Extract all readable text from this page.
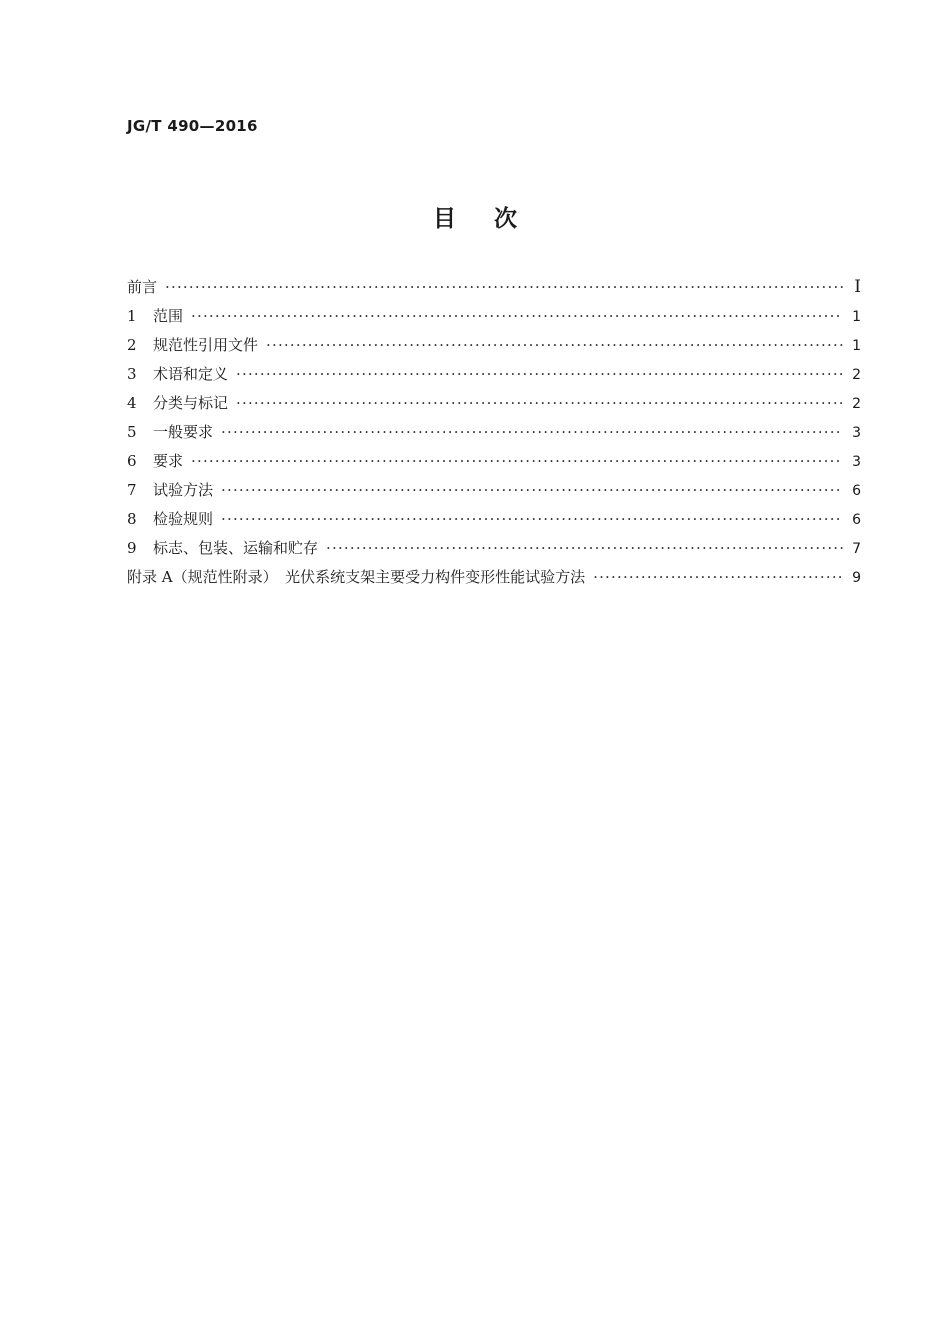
JG/T 490—2016
目次
前言 ·····	I
1	范围 ·····	1
2	规范性引用文件 ·····	1
3	术语和定义 ·····	2
4	分类与标记 ·····	2
5	一般要求 ·····	3
6	要求 ·····	3
7	试验方法 ·····	6
8	检验规则 ·····	6
9	标志、包装、运输和贮存 ·····	7
附录 A（规范性附录）　光伏系统支架主要受力构件变形性能试验方法 ·····	9
